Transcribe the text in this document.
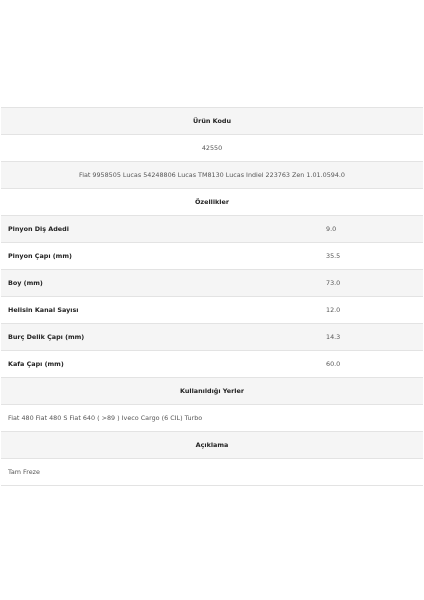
Ürün Kodu
42550
Fiat 9958505 Lucas 54248806 Lucas TM8130 Lucas Indiel 223763 Zen 1.01.0594.0
Özellikler
Pinyon Diş Adedi	9.0
Pinyon Çapı (mm)	35.5
Boy (mm)	73.0
Helisin Kanal Sayısı	12.0
Burç Delik Çapı (mm)	14.3
Kafa Çapı (mm)	60.0
Kullanıldığı Yerler
Fiat 480 Fiat 480 S Fiat 640 ( >89 ) Iveco Cargo (6 CIL) Turbo
Açıklama
Tam Freze
